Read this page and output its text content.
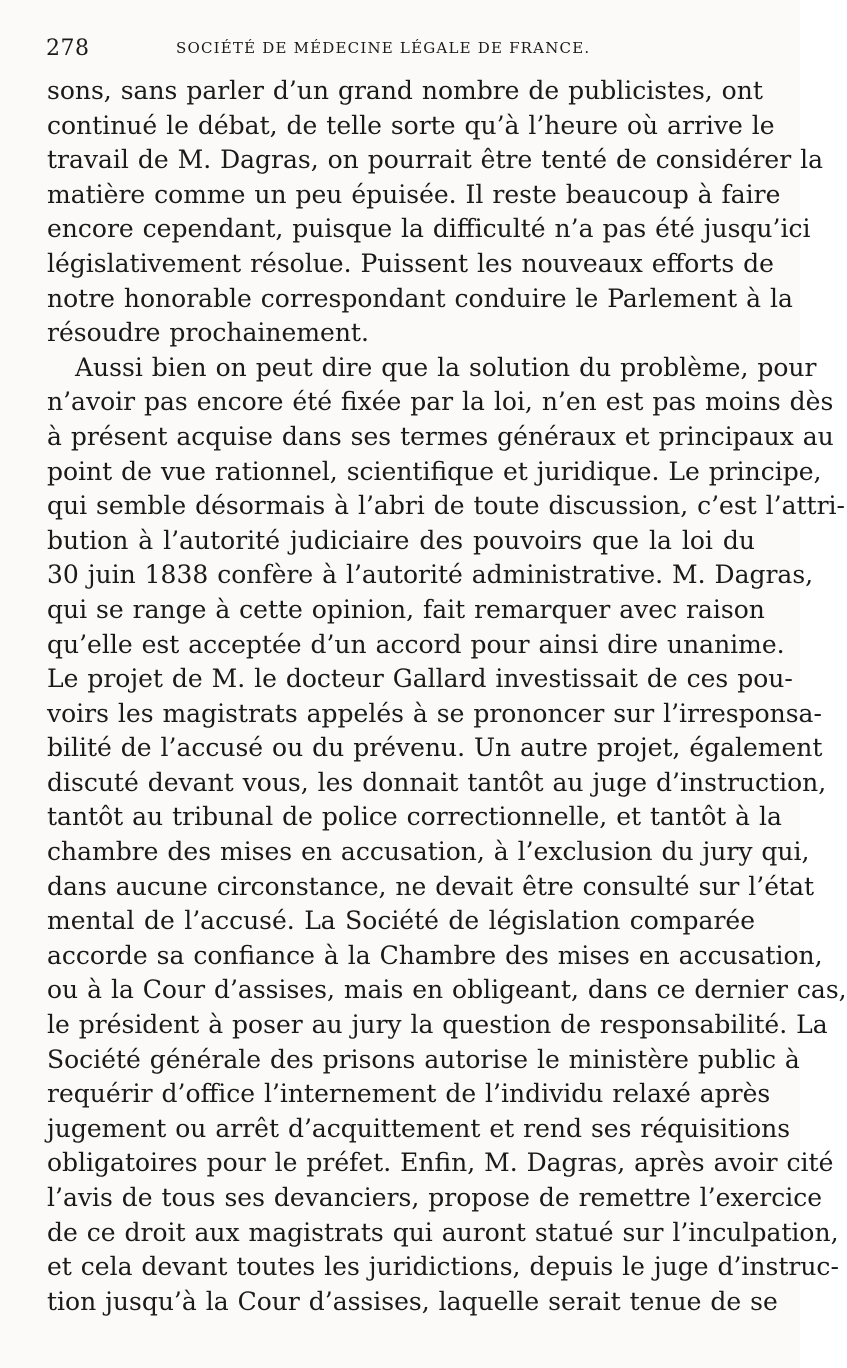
278	SOCIÉTÉ DE MÉDECINE LÉGALE DE FRANCE.
sons, sans parler d’un grand nombre de publicistes, ont
continué le débat, de telle sorte qu’à l’heure où arrive le
travail de M. Dagras, on pourrait être tenté de considérer la
matière comme un peu épuisée. Il reste beaucoup à faire
encore cependant, puisque la difficulté n’a pas été jusqu’ici
législativement résolue. Puissent les nouveaux efforts de
notre honorable correspondant conduire le Parlement à la
résoudre prochainement.
Aussi bien on peut dire que la solution du problème, pour
n’avoir pas encore été fixée par la loi, n’en est pas moins dès
à présent acquise dans ses termes généraux et principaux au
point de vue rationnel, scientifique et juridique. Le principe,
qui semble désormais à l’abri de toute discussion, c’est l’attri-
bution à l’autorité judiciaire des pouvoirs que la loi du
30 juin 1838 confère à l’autorité administrative. M. Dagras,
qui se range à cette opinion, fait remarquer avec raison
qu’elle est acceptée d’un accord pour ainsi dire unanime.
Le projet de M. le docteur Gallard investissait de ces pou-
voirs les magistrats appelés à se prononcer sur l’irresponsa-
bilité de l’accusé ou du prévenu. Un autre projet, également
discuté devant vous, les donnait tantôt au juge d’instruction,
tantôt au tribunal de police correctionnelle, et tantôt à la
chambre des mises en accusation, à l’exclusion du jury qui,
dans aucune circonstance, ne devait être consulté sur l’état
mental de l’accusé. La Société de législation comparée
accorde sa confiance à la Chambre des mises en accusation,
ou à la Cour d’assises, mais en obligeant, dans ce dernier cas,
le président à poser au jury la question de responsabilité. La
Société générale des prisons autorise le ministère public à
requérir d’office l’internement de l’individu relaxé après
jugement ou arrêt d’acquittement et rend ses réquisitions
obligatoires pour le préfet. Enfin, M. Dagras, après avoir cité
l’avis de tous ses devanciers, propose de remettre l’exercice
de ce droit aux magistrats qui auront statué sur l’inculpation,
et cela devant toutes les juridictions, depuis le juge d’instruc-
tion jusqu’à la Cour d’assises, laquelle serait tenue de se
